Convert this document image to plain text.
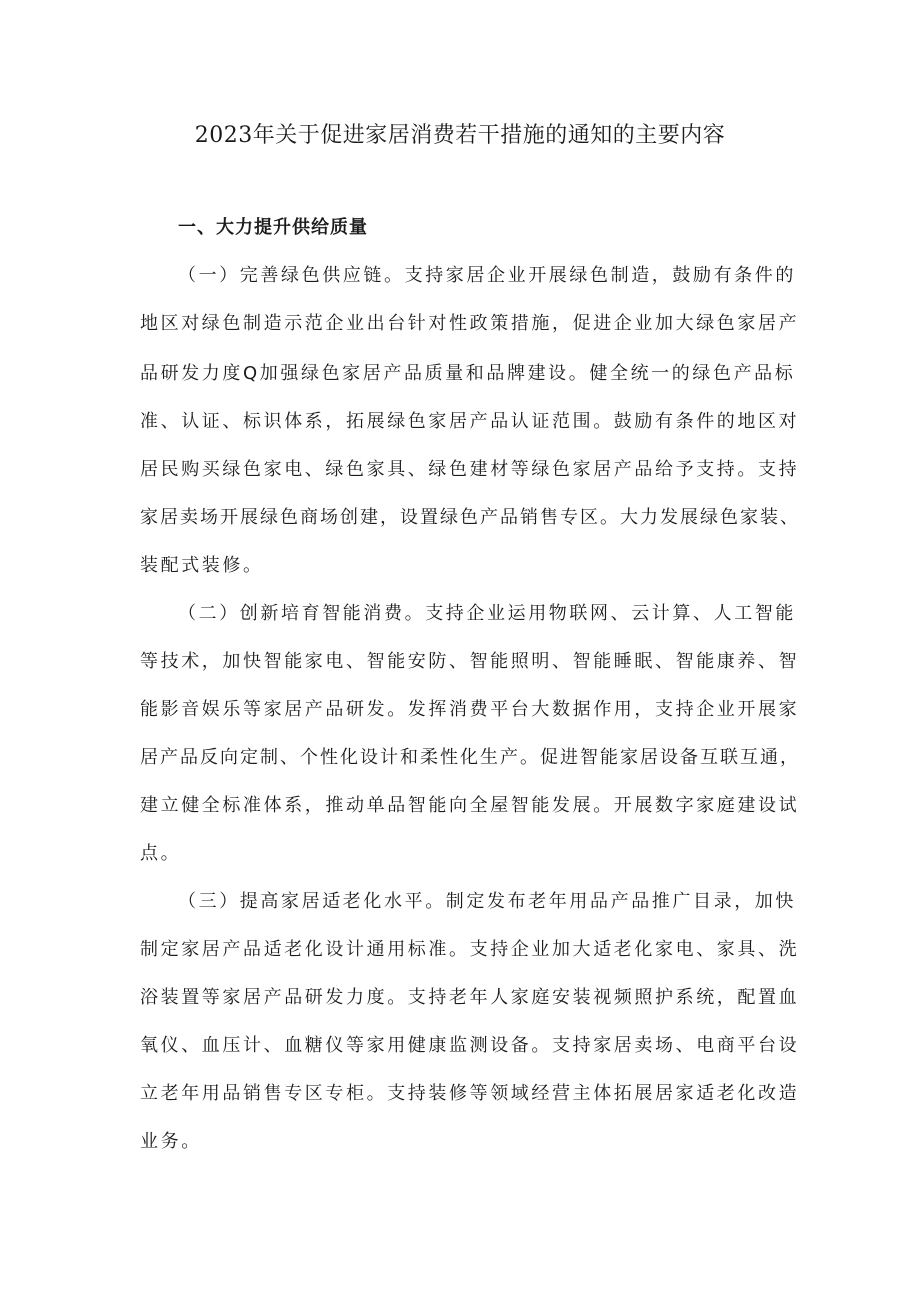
2023年关于促进家居消费若干措施的通知的主要内容
一、大力提升供给质量
（一）完善绿色供应链。支持家居企业开展绿色制造，鼓励有条件的
地区对绿色制造示范企业出台针对性政策措施，促进企业加大绿色家居产
品研发力度Q加强绿色家居产品质量和品牌建设。健全统一的绿色产品标
准、认证、标识体系，拓展绿色家居产品认证范围。鼓励有条件的地区对
居民购买绿色家电、绿色家具、绿色建材等绿色家居产品给予支持。支持
家居卖场开展绿色商场创建，设置绿色产品销售专区。大力发展绿色家装、
装配式装修。
（二）创新培育智能消费。支持企业运用物联网、云计算、人工智能
等技术，加快智能家电、智能安防、智能照明、智能睡眠、智能康养、智
能影音娱乐等家居产品研发。发挥消费平台大数据作用，支持企业开展家
居产品反向定制、个性化设计和柔性化生产。促进智能家居设备互联互通，
建立健全标准体系，推动单品智能向全屋智能发展。开展数字家庭建设试
点。
（三）提高家居适老化水平。制定发布老年用品产品推广目录，加快
制定家居产品适老化设计通用标准。支持企业加大适老化家电、家具、洗
浴装置等家居产品研发力度。支持老年人家庭安装视频照护系统，配置血
氧仪、血压计、血糖仪等家用健康监测设备。支持家居卖场、电商平台设
立老年用品销售专区专柜。支持装修等领域经营主体拓展居家适老化改造
业务。
